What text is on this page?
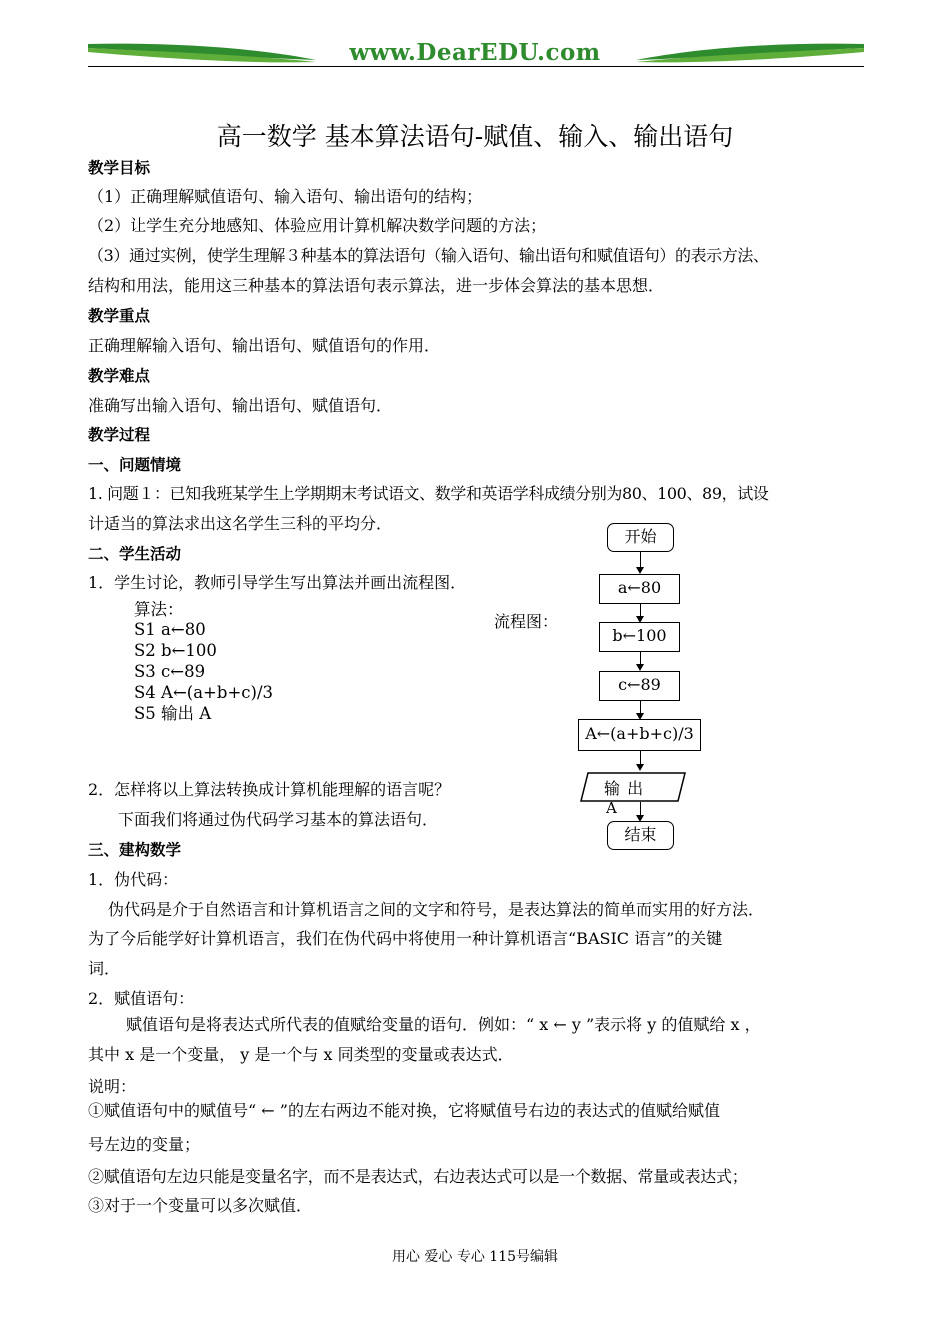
www.DearEDU.com
高一数学 基本算法语句-赋值、输入、输出语句
教学目标
（1）正确理解赋值语句、输入语句、输出语句的结构；
（2）让学生充分地感知、体验应用计算机解决数学问题的方法；
（3）通过实例，使学生理解３种基本的算法语句（输入语句、输出语句和赋值语句）的表示方法、
结构和用法，能用这三种基本的算法语句表示算法，进一步体会算法的基本思想．
教学重点
正确理解输入语句、输出语句、赋值语句的作用．
教学难点
准确写出输入语句、输出语句、赋值语句．
教学过程
一、问题情境
1. 问题１：已知我班某学生上学期期末考试语文、数学和英语学科成绩分别为80、100、89，试设
计适当的算法求出这名学生三科的平均分．
二、学生活动
1．学生讨论，教师引导学生写出算法并画出流程图．
算法：
S1 a←80
S2 b←100
S3 c←89
S4 A←(a+b+c)/3
S5 输出 A
2．怎样将以上算法转换成计算机能理解的语言呢？
下面我们将通过伪代码学习基本的算法语句．
三、建构数学
1．伪代码：
伪代码是介于自然语言和计算机语言之间的文字和符号，是表达算法的简单而实用的好方法．
为了今后能学好计算机语言，我们在伪代码中将使用一种计算机语言“BASIC 语言”的关键
词．
2．赋值语句：
赋值语句是将表达式所代表的值赋给变量的语句．例如：“ x ← y ”表示将 y 的值赋给 x ，
其中 x 是一个变量， y 是一个与 x 同类型的变量或表达式．
说明：
①赋值语句中的赋值号“ ← ”的左右两边不能对换，它将赋值号右边的表达式的值赋给赋值
号左边的变量；
②赋值语句左边只能是变量名字，而不是表达式，右边表达式可以是一个数据、常量或表达式；
③对于一个变量可以多次赋值．
流程图：
开始
a←80
b←100
c←89
A←(a+b+c)/3
输 出
A
结束
用心 爱心 专心 115号编辑
